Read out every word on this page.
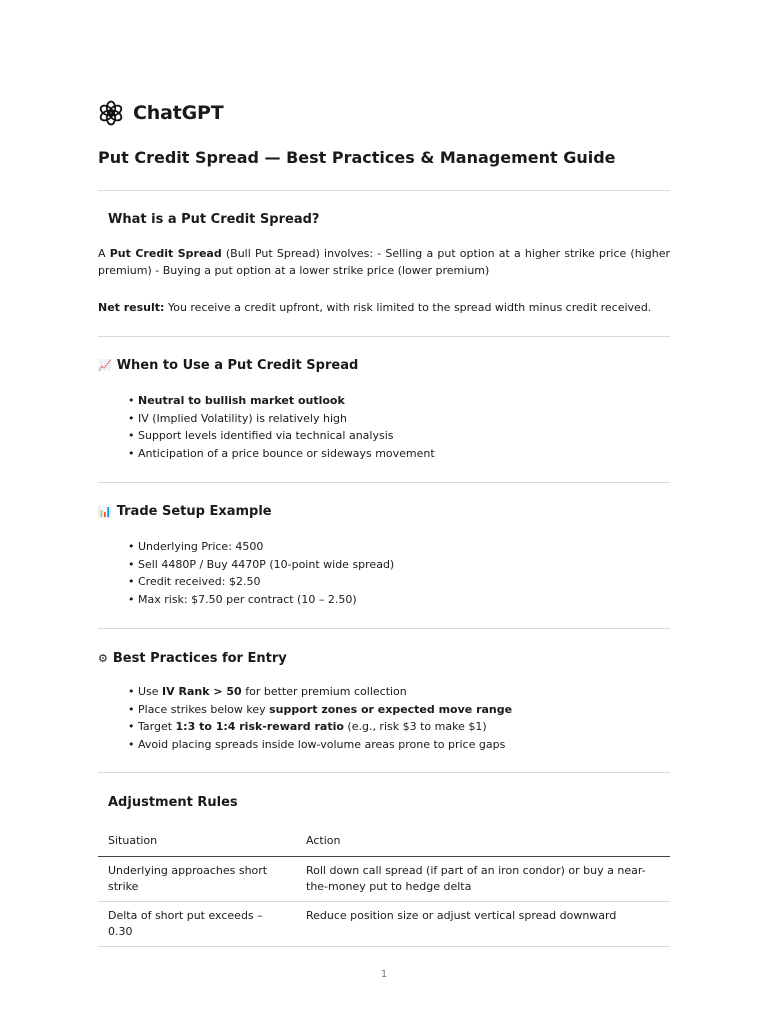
ChatGPT
Put Credit Spread — Best Practices & Management Guide
What is a Put Credit Spread?

A Put Credit Spread (Bull Put Spread) involves: - Selling a put option at a higher strike price (higher premium) - Buying a put option at a lower strike price (lower premium)

Net result: You receive a credit upfront, with risk limited to the spread width minus credit received.

📈 When to Use a Put Credit Spread
• Neutral to bullish market outlook
• IV (Implied Volatility) is relatively high
• Support levels identified via technical analysis
• Anticipation of a price bounce or sideways movement
📊 Trade Setup Example
• Underlying Price: 4500
• Sell 4480P / Buy 4470P (10-point wide spread)
• Credit received: $2.50
• Max risk: $7.50 per contract (10 – 2.50)
⚙ Best Practices for Entry
• Use IV Rank > 50 for better premium collection
• Place strikes below key support zones or expected move range
• Target 1:3 to 1:4 risk-reward ratio (e.g., risk $3 to make $1)
• Avoid placing spreads inside low-volume areas prone to price gaps
Adjustment Rules
Situation	Action
Underlying approaches short strike	Roll down call spread (if part of an iron condor) or buy a near-the-money put to hedge delta
Delta of short put exceeds –0.30	Reduce position size or adjust vertical spread downward
1
